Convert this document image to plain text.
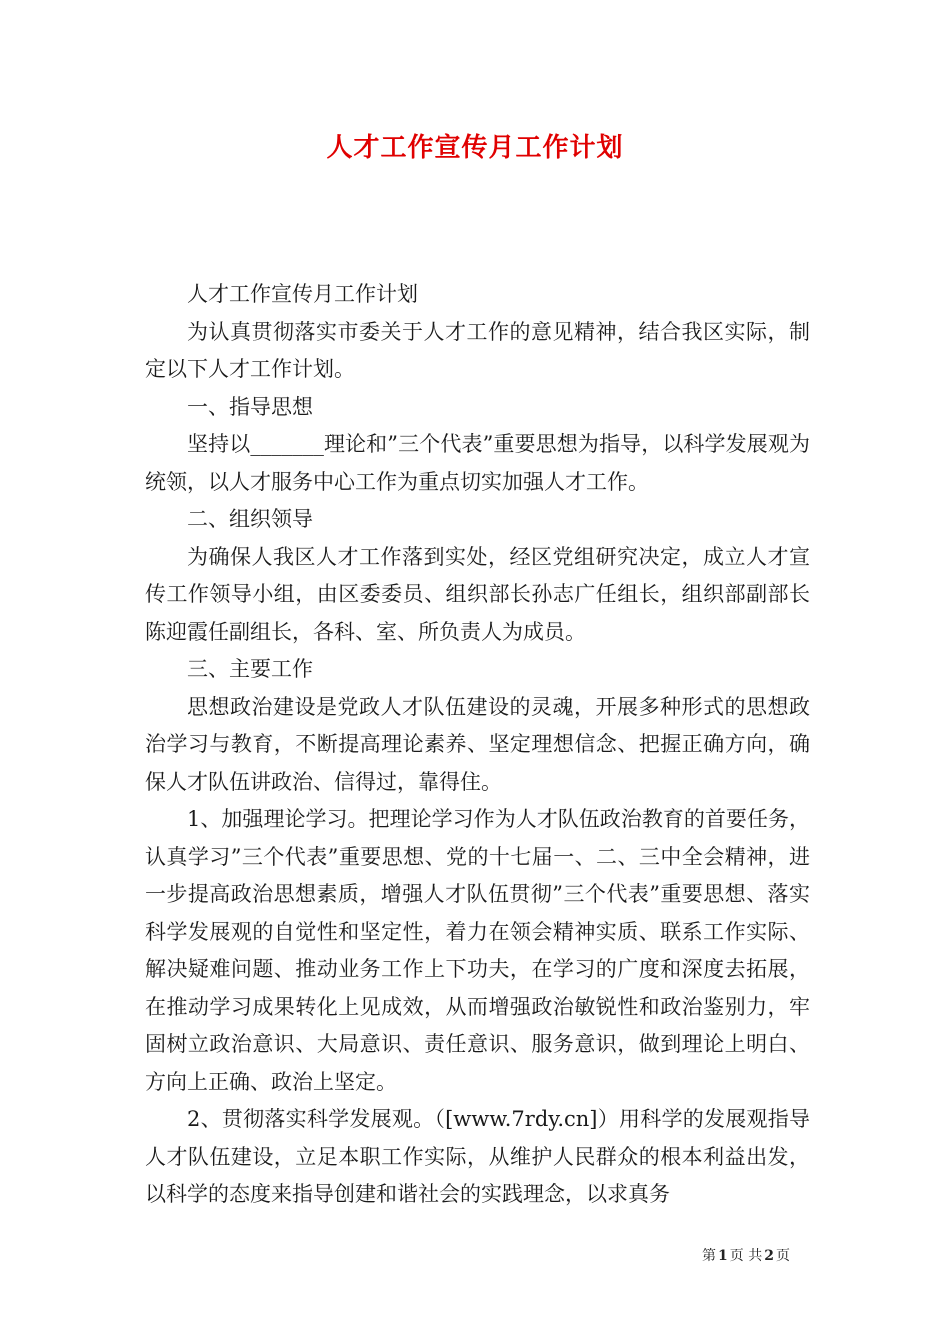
人才工作宣传月工作计划

人才工作宣传月工作计划

为认真贯彻落实市委关于人才工作的意见精神，结合我区实际，制定以下人才工作计划。

一、指导思想

坚持以_______理论和”三个代表”重要思想为指导，以科学发展观为统领，以人才服务中心工作为重点切实加强人才工作。

二、组织领导

为确保人我区人才工作落到实处，经区党组研究决定，成立人才宣传工作领导小组，由区委委员、组织部长孙志广任组长，组织部副部长陈迎霞任副组长，各科、室、所负责人为成员。

三、主要工作

思想政治建设是党政人才队伍建设的灵魂，开展多种形式的思想政治学习与教育，不断提高理论素养、坚定理想信念、把握正确方向，确保人才队伍讲政治、信得过，靠得住。

1、加强理论学习。把理论学习作为人才队伍政治教育的首要任务，认真学习”三个代表”重要思想、党的十七届一、二、三中全会精神，进一步提高政治思想素质，增强人才队伍贯彻”三个代表”重要思想、落实科学发展观的自觉性和坚定性，着力在领会精神实质、联系工作实际、解决疑难问题、推动业务工作上下功夫，在学习的广度和深度去拓展，在推动学习成果转化上见成效，从而增强政治敏锐性和政治鉴别力，牢固树立政治意识、大局意识、责任意识、服务意识，做到理论上明白、方向上正确、政治上坚定。

2、贯彻落实科学发展观。（[www.7rdy.cn]）用科学的发展观指导人才队伍建设，立足本职工作实际，从维护人民群众的根本利益出发，以科学的态度来指导创建和谐社会的实践理念，以求真务

第 1 页 共 2 页
